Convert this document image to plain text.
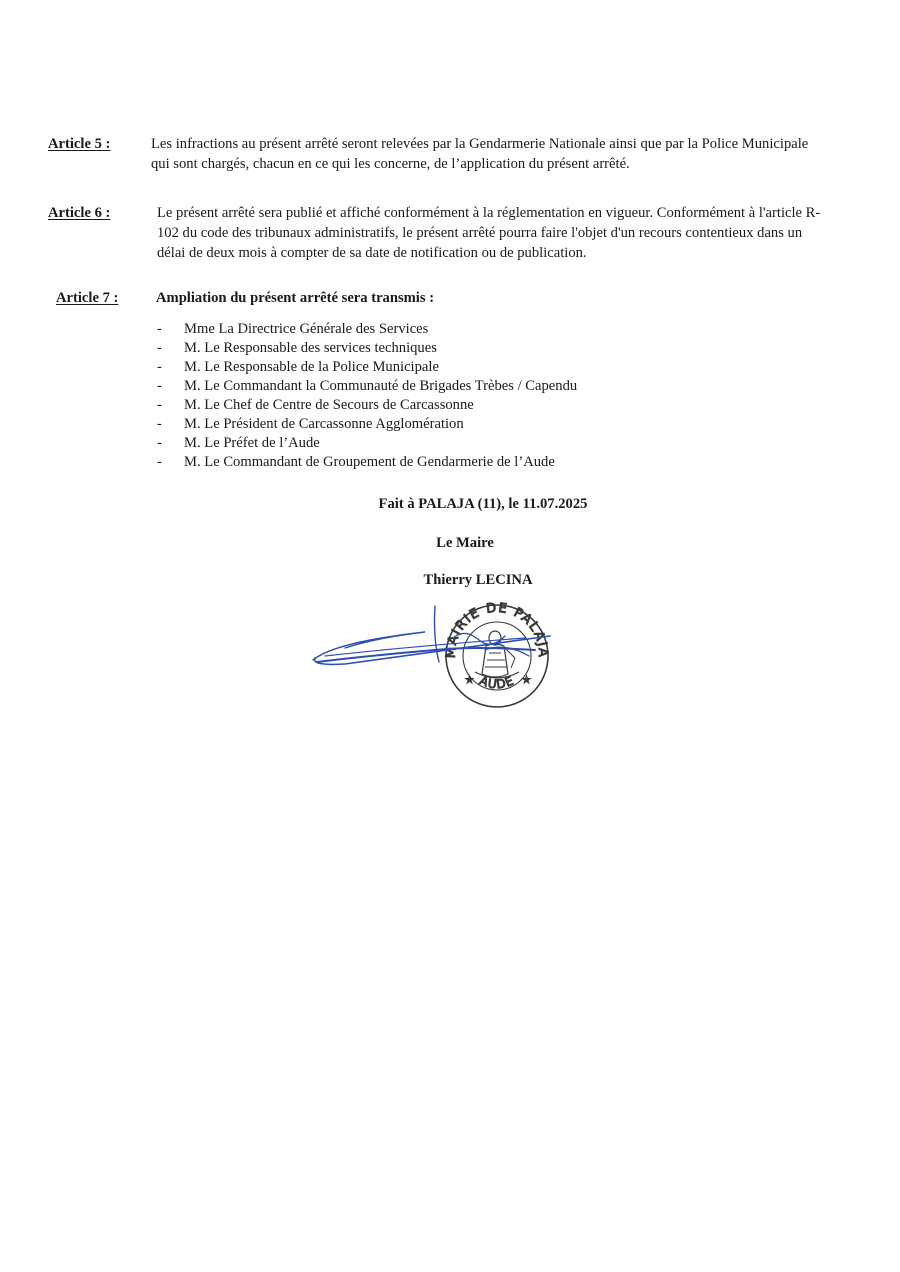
Article 5 :	Les infractions au présent arrêté seront relevées par la Gendarmerie Nationale ainsi que par la Police Municipale qui sont chargés, chacun en ce qui les concerne, de l’application du présent arrêté.
Article 6 :	Le présent arrêté sera publié et affiché conformément à la réglementation en vigueur. Conformément à l'article R-102 du code des tribunaux administratifs, le présent arrêté pourra faire l'objet d'un recours contentieux dans un délai de deux mois à compter de sa date de notification ou de publication.
Article 7 :	Ampliation du présent arrêté sera transmis :
- Mme La Directrice Générale des Services
- M. Le Responsable des services techniques
- M. Le Responsable de la Police Municipale
- M. Le Commandant la Communauté de Brigades Trèbes / Capendu
- M. Le Chef de Centre de Secours de Carcassonne
- M. Le Président de Carcassonne Agglomération
- M. Le Préfet de l’Aude
- M. Le Commandant de Groupement de Gendarmerie de l’Aude
Fait à PALAJA (11), le 11.07.2025
Le Maire
Thierry LECINA
★	★
MAIRIE DE PALAJA
AUDE
